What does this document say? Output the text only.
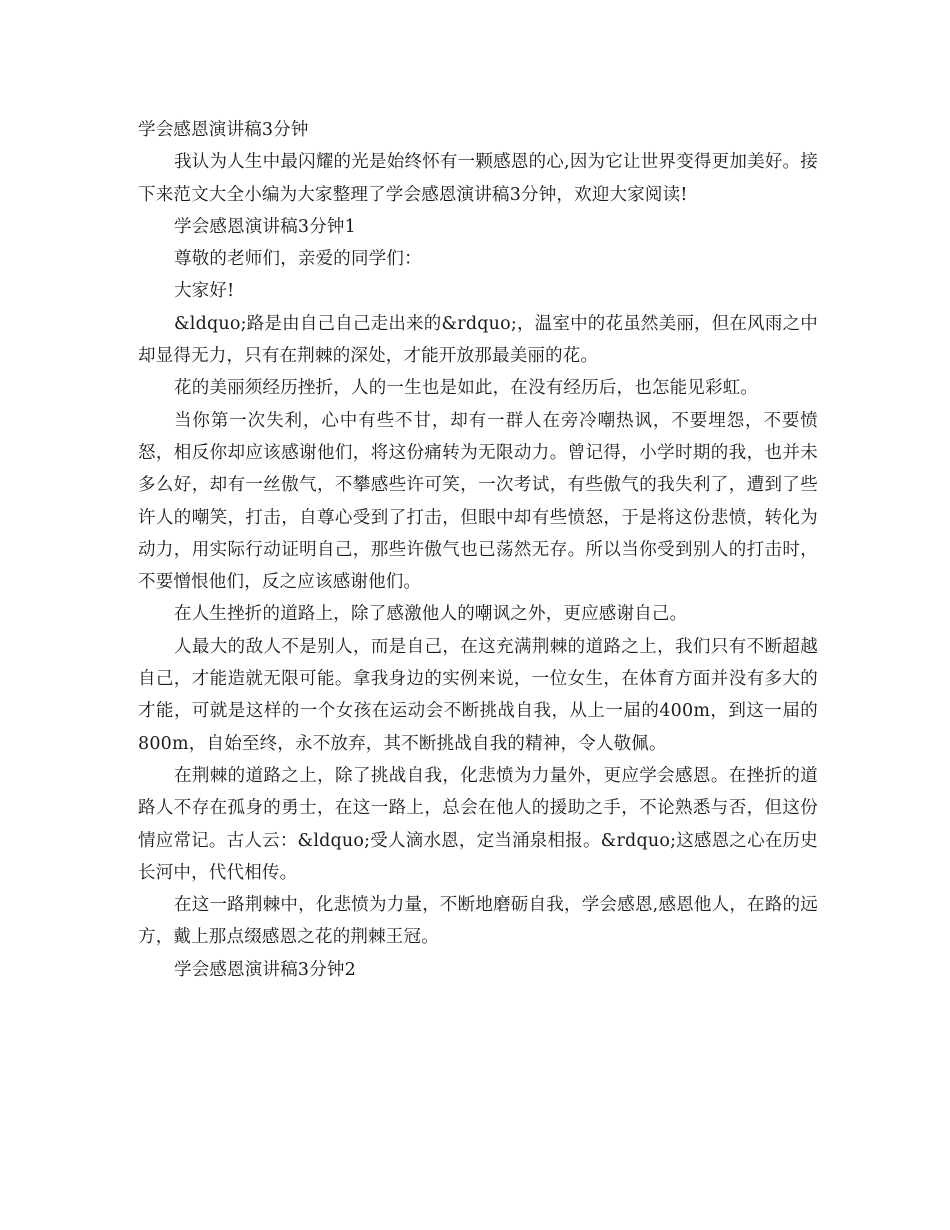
学会感恩演讲稿3分钟

我认为人生中最闪耀的光是始终怀有一颗感恩的心,因为它让世界变得更加美好。接下来范文大全小编为大家整理了学会感恩演讲稿3分钟，欢迎大家阅读!

学会感恩演讲稿3分钟1

尊敬的老师们，亲爱的同学们：

大家好!

&ldquo;路是由自己自己走出来的&rdquo;，温室中的花虽然美丽，但在风雨之中却显得无力，只有在荆棘的深处，才能开放那最美丽的花。

花的美丽须经历挫折，人的一生也是如此，在没有经历后，也怎能见彩虹。

当你第一次失利，心中有些不甘，却有一群人在旁冷嘲热讽，不要埋怨，不要愤怒，相反你却应该感谢他们，将这份痛转为无限动力。曾记得，小学时期的我，也并未多么好，却有一丝傲气，不攀感些许可笑，一次考试，有些傲气的我失利了，遭到了些许人的嘲笑，打击，自尊心受到了打击，但眼中却有些愤怒，于是将这份悲愤，转化为动力，用实际行动证明自己，那些许傲气也已荡然无存。所以当你受到别人的打击时，不要憎恨他们，反之应该感谢他们。

在人生挫折的道路上，除了感激他人的嘲讽之外，更应感谢自己。

人最大的敌人不是别人，而是自己，在这充满荆棘的道路之上，我们只有不断超越自己，才能造就无限可能。拿我身边的实例来说，一位女生，在体育方面并没有多大的才能，可就是这样的一个女孩在运动会不断挑战自我，从上一届的400m，到这一届的800m，自始至终，永不放弃，其不断挑战自我的精神，令人敬佩。

在荆棘的道路之上，除了挑战自我，化悲愤为力量外，更应学会感恩。在挫折的道路人不存在孤身的勇士，在这一路上，总会在他人的援助之手，不论熟悉与否，但这份情应常记。古人云：&ldquo;受人滴水恩，定当涌泉相报。&rdquo;这感恩之心在历史长河中，代代相传。

在这一路荆棘中，化悲愤为力量，不断地磨砺自我，学会感恩,感恩他人，在路的远方，戴上那点缀感恩之花的荆棘王冠。

学会感恩演讲稿3分钟2
